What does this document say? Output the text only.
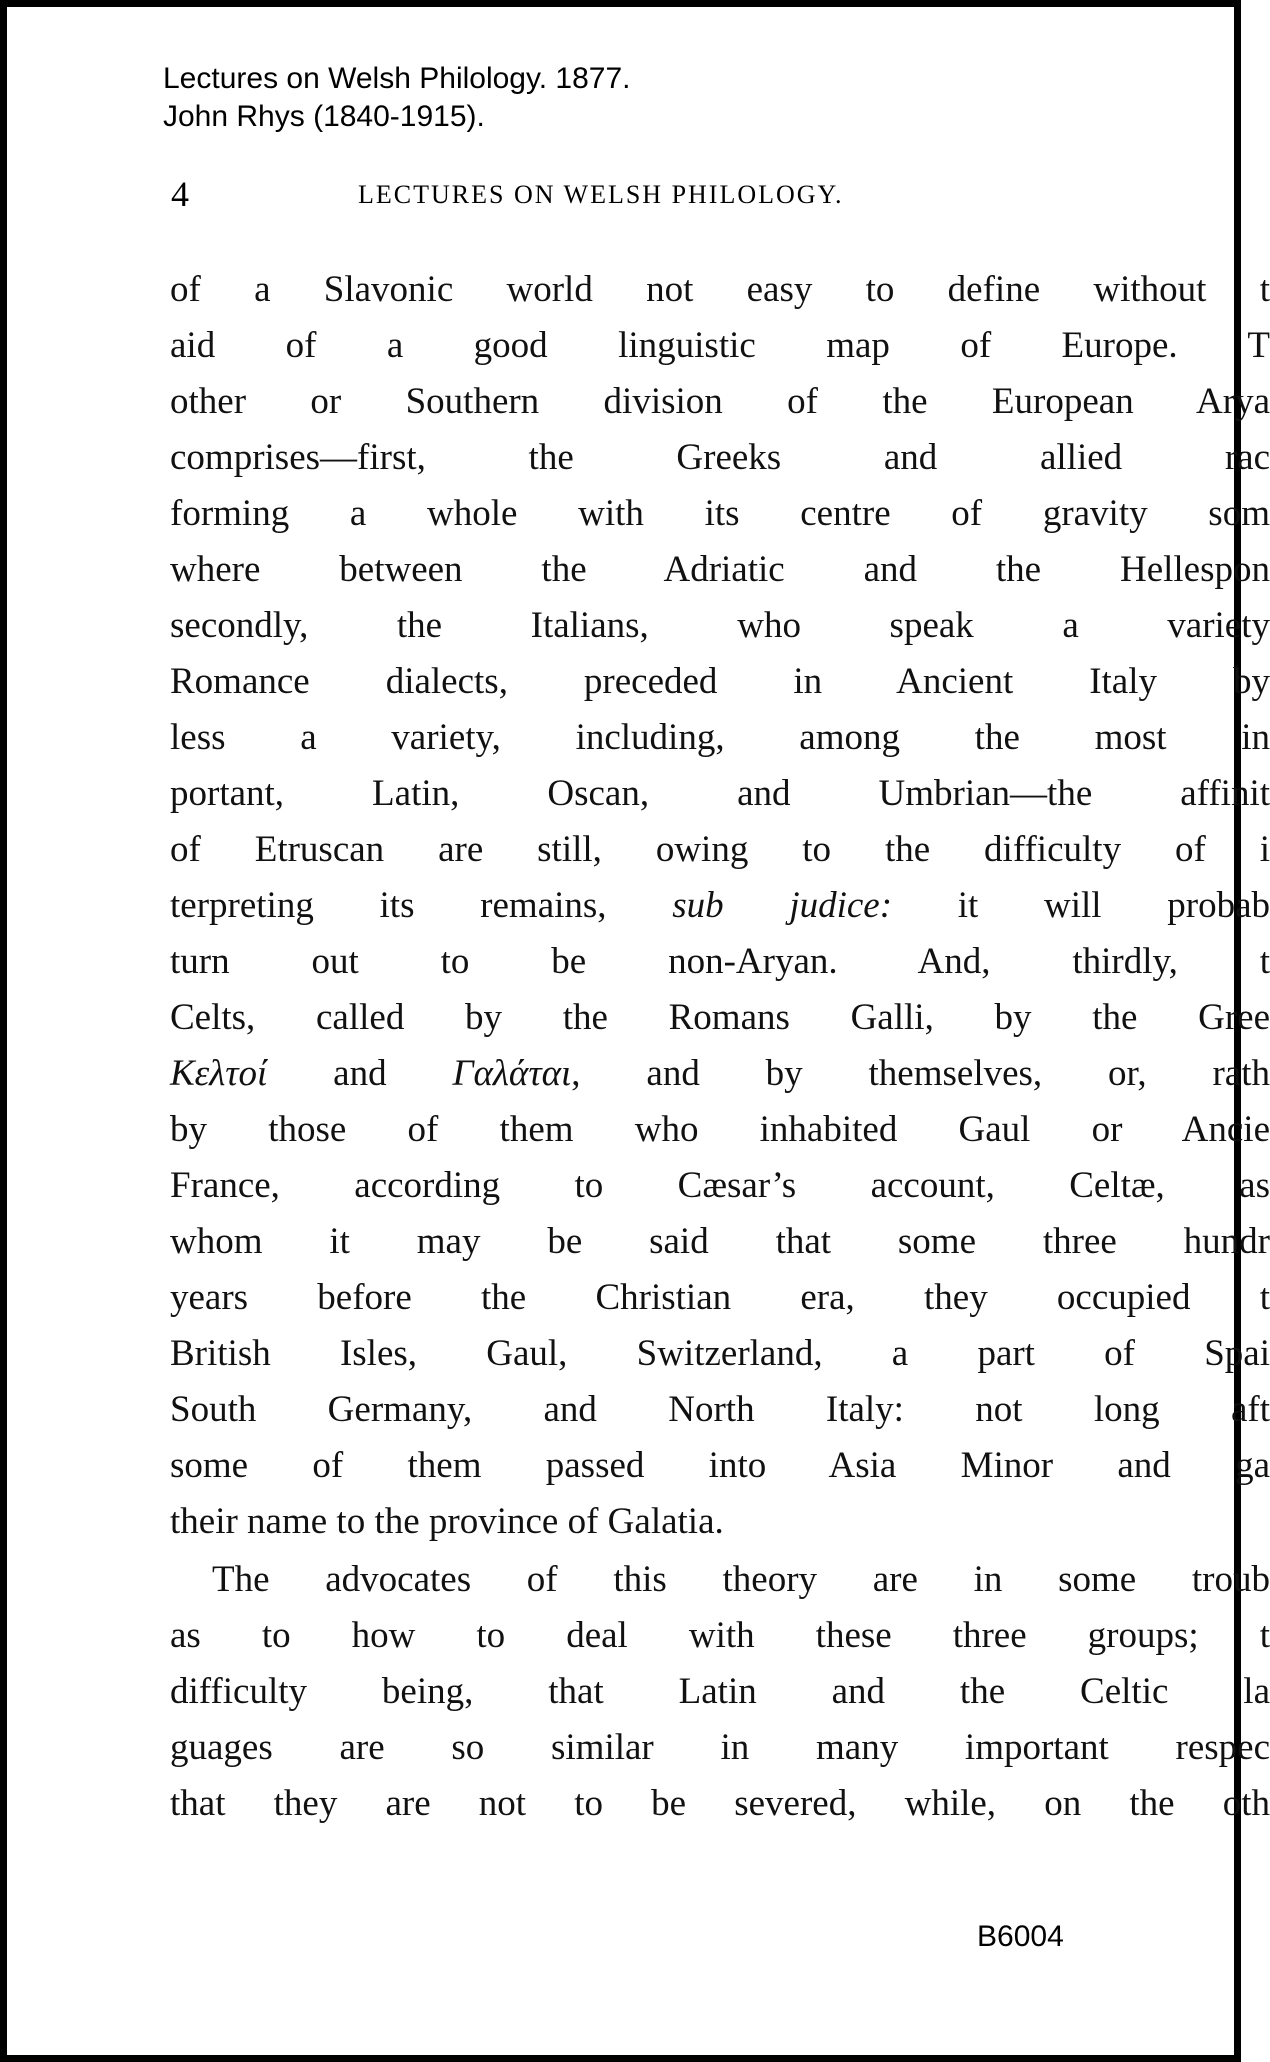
Lectures on Welsh Philology. 1877.
John Rhys (1840-1915).
4	LECTURES ON WELSH PHILOLOGY.
of a Slavonic world not easy to define without t
aid of a good linguistic map of Europe. T
other or Southern division of the European Arya
comprises—first, the Greeks and allied rac
forming a whole with its centre of gravity som
where between the Adriatic and the Hellespon
secondly, the Italians, who speak a variety
Romance dialects, preceded in Ancient Italy by
less a variety, including, among the most in
portant, Latin, Oscan, and Umbrian—the affinit
of Etruscan are still, owing to the difficulty of i
terpreting its remains, sub judice: it will probab
turn out to be non-Aryan. And, thirdly, t
Celts, called by the Romans Galli, by the Gree
Κελτοί and Γαλάται, and by themselves, or, rath
by those of them who inhabited Gaul or Ancie
France, according to Cæsar’s account, Celtæ, as
whom it may be said that some three hundr
years before the Christian era, they occupied t
British Isles, Gaul, Switzerland, a part of Spai
South Germany, and North Italy: not long aft
some of them passed into Asia Minor and ga
their name to the province of Galatia.
The advocates of this theory are in some troub
as to how to deal with these three groups; t
difficulty being, that Latin and the Celtic la
guages are so similar in many important respec
that they are not to be severed, while, on the oth
B6004
